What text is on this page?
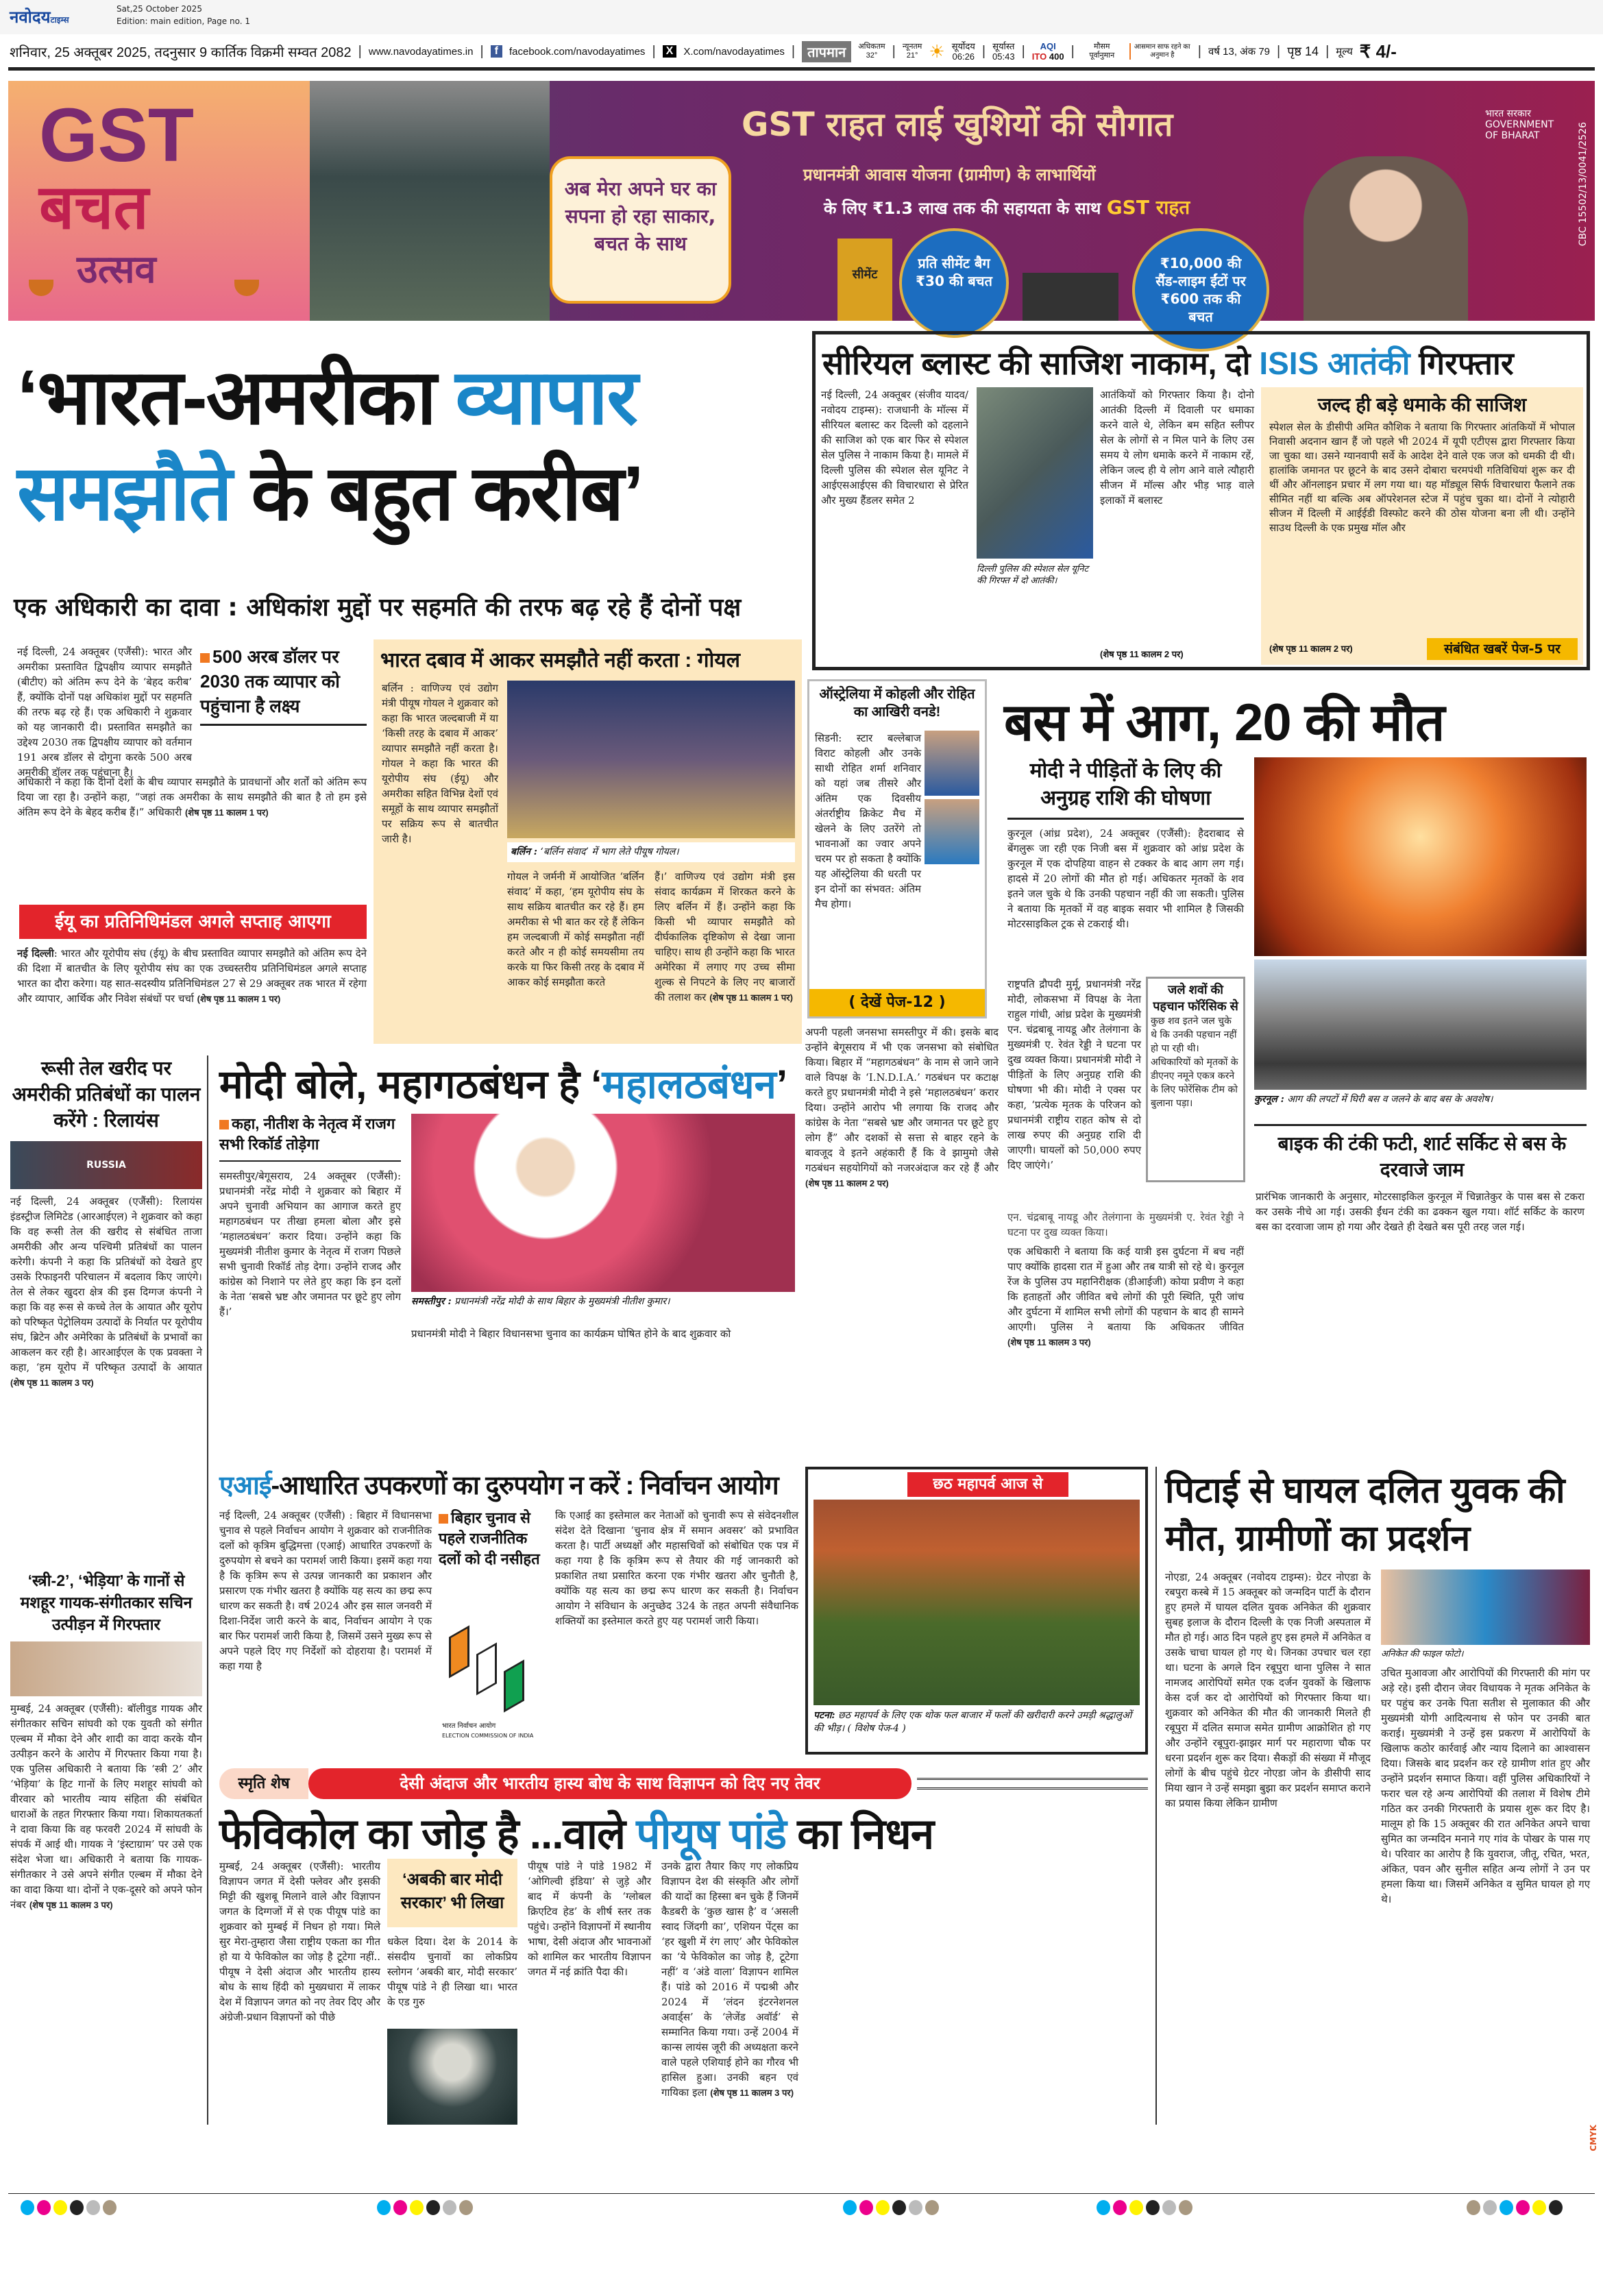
नवोदयटाइम्स
Sat,25 October 2025
Edition: main edition, Page no. 1
शनिवार, 25 अक्तूबर 2025, तदनुसार 9 कार्तिक विक्रमी सम्वत 2082 | www.navodayatimes.in |	f	facebook.com/navodayatimes | X	X.com/navodayatimes | तापमान	अधिकतम
32°	| न्यूनतम
21° ☀ सूर्योदय
06:26 | सूर्यास्त
05:43 |	AQI
ITO 400 |	मौसम पूर्वानुमान
आसमान साफ रहने का अनुमान है	| वर्ष 13, अंक 79 | पृष्ठ 14 | मूल्य ₹ 4/-
GST
बचत
उत्सव
अब मेरा अपने घर का सपना हो रहा साकार, बचत के साथ
GST राहत लाई खुशियों की सौगात
प्रधानमंत्री आवास योजना (ग्रामीण) के लाभार्थियों
के लिए ₹1.3 लाख तक की सहायता के साथ GST राहत
सीमेंट
प्रति सीमेंट बैग ₹30 की बचत
₹10,000 की सैंड-लाइम ईंटों पर ₹600 तक की बचत
भारत सरकार GOVERNMENT OF BHARAT	CBC 15502/13/0041/2526
‘भारत-अमरीका व्यापार
समझौते के बहुत करीब’
एक अधिकारी का दावा : अधिकांश मुद्दों पर सहमति की तरफ बढ़ रहे हैं दोनों पक्ष
नई दिल्ली, 24 अक्तूबर (एजैंसी): भारत और अमरीका प्रस्तावित द्विपक्षीय व्यापार समझौते (बीटीए) को अंतिम रूप देने के ‘बेहद करीब’ हैं, क्योंकि दोनों पक्ष अधिकांश मुद्दों पर सहमति की तरफ बढ़ रहे हैं। एक अधिकारी ने शुक्रवार को यह जानकारी दी। प्रस्तावित समझौते का उद्देश्य 2030 तक द्विपक्षीय व्यापार को वर्तमान 191 अरब डॉलर से दोगुना करके 500 अरब अमरीकी डॉलर तक पहुंचाना है।
500 अरब डॉलर पर 2030 तक व्यापार को पहुंचाना है लक्ष्य
अधिकारी ने कहा कि दोनों देशों के बीच व्यापार समझौते के प्रावधानों और शर्तों को अंतिम रूप दिया जा रहा है। उन्होंने कहा, “जहां तक अमरीका के साथ समझौते की बात है तो हम इसे अंतिम रूप देने के बेहद करीब हैं।” अधिकारी (शेष पृष्ठ 11 कालम 1 पर)
ईयू का प्रतिनिधिमंडल अगले सप्ताह आएगा
नई दिल्ली: भारत और यूरोपीय संघ (ईयू) के बीच प्रस्तावित व्यापार समझौते को अंतिम रूप देने की दिशा में बातचीत के लिए यूरोपीय संघ का एक उच्चस्तरीय प्रतिनिधिमंडल अगले सप्ताह भारत का दौरा करेगा। यह सात-सदस्यीय प्रतिनिधिमंडल 27 से 29 अक्तूबर तक भारत में रहेगा और व्यापार, आर्थिक और निवेश संबंधों पर चर्चा (शेष पृष्ठ 11 कालम 1 पर)
भारत दबाव में आकर समझौते नहीं करता : गोयल
बर्लिन : वाणिज्य एवं उद्योग मंत्री पीयूष गोयल ने शुक्रवार को कहा कि भारत जल्दबाजी में या ‘किसी तरह के दबाव में आकर’ व्यापार समझौते नहीं करता है। गोयल ने कहा कि भारत की यूरोपीय संघ (ईयू) और अमरीका सहित विभिन्न देशों एवं समूहों के साथ व्यापार समझौतों पर सक्रिय रूप से बातचीत जारी है।
बर्लिन : ‘बर्लिन संवाद’ में भाग लेते पीयूष गोयल।
गोयल ने जर्मनी में आयोजित ‘बर्लिन संवाद’ में कहा, ‘हम यूरोपीय संघ के साथ सक्रिय बातचीत कर रहे हैं। हम अमरीका से भी बात कर रहे हैं लेकिन हम जल्दबाजी में कोई समझौता नहीं करते और न ही कोई समयसीमा तय करके या फिर किसी तरह के दबाव में आकर कोई समझौता करते
हैं।’ वाणिज्य एवं उद्योग मंत्री इस संवाद कार्यक्रम में शिरकत करने के लिए बर्लिन में हैं। उन्होंने कहा कि किसी भी व्यापार समझौते को दीर्घकालिक दृष्टिकोण से देखा जाना चाहिए। साथ ही उन्होंने कहा कि भारत अमेरिका में लगाए गए उच्च सीमा शुल्क से निपटने के लिए नए बाजारों की तलाश कर (शेष पृष्ठ 11 कालम 1 पर)
सीरियल ब्लास्ट की साजिश नाकाम, दो ISIS आतंकी गिरफ्तार
नई दिल्ली, 24 अक्तूबर (संजीव यादव/नवोदय टाइम्स): राजधानी के मॉल्स में सीरियल बलास्ट कर दिल्ली को दहलाने की साजिश को एक बार फिर से स्पेशल सेल पुलिस ने नाकाम किया है। मामले में दिल्ली पुलिस की स्पेशल सेल यूनिट ने आईएसआईएस की विचारधारा से प्रेरित और मुख्य हैंडलर समेत 2
दिल्ली पुलिस की स्पेशल सेल यूनिट की गिरफ्त में दो आतंकी।
आतंकियों को गिरफ्तार किया है। दोनो आतंकी दिल्ली में दिवाली पर धमाका करने वाले थे, लेकिन बम सहित स्लीपर सेल के लोगों से न मिल पाने के लिए उस समय ये लोग धमाके करने में नाकाम रहें, लेकिन जल्द ही ये लोग आने वाले त्यौहारी सीजन में मॉल्स और भीड़ भाड़ वाले इलाकों में बलास्ट
(शेष पृष्ठ 11 कालम 2 पर)
जल्द ही बड़े धमाके की साजिश
स्पेशल सेल के डीसीपी अमित कौशिक ने बताया कि गिरफ्तार आंतकियों में भोपाल निवासी अदनान खान हैं जो पहले भी 2024 में यूपी एटीएस द्वारा गिरफ्तार किया जा चुका था। उसने ग्यानवापी सर्वे के आदेश देने वाले एक जज को धमकी दी थी। हालांकि जमानत पर छूटने के बाद उसने दोबारा चरमपंथी गतिविधियां शुरू कर दी थीं और ऑनलाइन प्रचार में लग गया था। यह मॉड्यूल सिर्फ विचारधारा फैलाने तक सीमित नहीं था बल्कि अब ऑपरेशनल स्टेज में पहुंच चुका था। दोनों ने त्योहारी सीजन में दिल्ली में आईईडी विस्फोट करने की ठोस योजना बना ली थी। उन्होंने साउथ दिल्ली के एक प्रमुख मॉल और
(शेष पृष्ठ 11 कालम 2 पर)	संबंधित खबरें पेज-5 पर
ऑस्ट्रेलिया में कोहली और रोहित का आखिरी वनडे!
सिडनी: स्टार बल्लेबाज विराट कोहली और उनके साथी रोहित शर्मा शनिवार को यहां जब तीसरे और अंतिम एक दिवसीय अंतर्राष्ट्रीय क्रिकेट मैच में खेलने के लिए उतरेंगे तो भावनाओं का ज्वार अपने चरम पर हो सकता है क्योंकि यह ऑस्ट्रेलिया की धरती पर इन दोनों का संभवत: अंतिम मैच होगा।
( देखें पेज-12 )
बस में आग, 20 की मौत
मोदी ने पीड़ितों के लिए की अनुग्रह राशि की घोषणा
कुरनूल : आग की लपटों में घिरी बस व जलने के बाद बस के अवशेष।
कुरनूल (आंध्र प्रदेश), 24 अक्तूबर (एजैंसी): हैदराबाद से बेंगलुरू जा रही एक निजी बस में शुक्रवार को आंध्र प्रदेश के कुरनूल में एक दोपहिया वाहन से टक्कर के बाद आग लग गई। हादसे में 20 लोगों की मौत हो गई। अधिकतर मृतकों के शव इतने जल चुके थे कि उनकी पहचान नहीं की जा सकती। पुलिस ने बताया कि मृतकों में वह बाइक सवार भी शामिल है जिसकी मोटरसाइकिल ट्रक से टकराई थी।
राष्ट्रपति द्रौपदी मुर्मू, प्रधानमंत्री नरेंद्र मोदी, लोकसभा में विपक्ष के नेता राहुल गांधी, आंध्र प्रदेश के मुख्यमंत्री एन. चंद्रबाबू नायडू और तेलंगाना के मुख्यमंत्री ए. रेवंत रेड्डी ने घटना पर दुख व्यक्त किया। प्रधानमंत्री मोदी ने पीड़ितों के लिए अनुग्रह राशि की घोषणा भी की। मोदी ने एक्स पर कहा, ‘प्रत्येक मृतक के परिजन को प्रधानमंत्री राष्ट्रीय राहत कोष से दो लाख रुपए की अनुग्रह राशि दी जाएगी। घायलों को 50,000 रुपए दिए जाएंगे।’
जले शवों की पहचान फॉरेंसिक से
कुछ शव इतने जल चुके थे कि उनकी पहचान नहीं हो पा रही थी। अधिकारियों को मृतकों के डीएनए नमूने एकत्र करने के लिए फोरेंसिक टीम को बुलाना पड़ा।
एन. चंद्रबाबू नायडू और तेलंगाना के मुख्यमंत्री ए. रेवंत रेड्डी ने घटना पर दुख व्यक्त किया।
एक अधिकारी ने बताया कि कई यात्री इस दुर्घटना में बच नहीं पाए क्योंकि हादसा रात में हुआ और तब यात्री सो रहे थे। कुरनूल रेंज के पुलिस उप महानिरीक्षक (डीआईजी) कोया प्रवीण ने कहा कि हताहतों और जीवित बचे लोगों की पूरी स्थिति, पूरी जांच और दुर्घटना में शामिल सभी लोगों की पहचान के बाद ही सामने आएगी। पुलिस ने बताया कि अधिकतर जीवित (शेष पृष्ठ 11 कालम 3 पर)
बाइक की टंकी फटी, शार्ट सर्किट से बस के दरवाजे जाम
प्रारंभिक जानकारी के अनुसार, मोटरसाइकिल कुरनूल में चिन्नातेकुर के पास बस से टकरा कर उसके नीचे आ गई। उसकी ईंधन टंकी का ढक्कन खुल गया। शॉर्ट सर्किट के कारण बस का दरवाजा जाम हो गया और देखते ही देखते बस पूरी तरह जल गई।
रूसी तेल खरीद पर अमरीकी प्रतिबंधों का पालन करेंगे : रिलायंस
RUSSIA
नई दिल्ली, 24 अक्तूबर (एजैंसी): रिलायंस इंडस्ट्रीज लिमिटेड (आरआईएल) ने शुक्रवार को कहा कि वह रूसी तेल की खरीद से संबंधित ताजा अमरीकी और अन्य पश्चिमी प्रतिबंधों का पालन करेगी। कंपनी ने कहा कि प्रतिबंधों को देखते हुए उसके रिफाइनरी परिचालन में बदलाव किए जाएंगे। तेल से लेकर खुदरा क्षेत्र की इस दिग्गज कंपनी ने कहा कि वह रूस से कच्चे तेल के आयात और यूरोप को परिष्कृत पेट्रोलियम उत्पादों के निर्यात पर यूरोपीय संघ, ब्रिटेन और अमेरिका के प्रतिबंधों के प्रभावों का आकलन कर रही है। आरआईएल के एक प्रवक्ता ने कहा, ‘हम यूरोप में परिष्कृत उत्पादों के आयात (शेष पृष्ठ 11 कालम 3 पर)
‘स्त्री-2’, ‘भेड़िया’ के गानों से मशहूर गायक-संगीतकार सचिन उत्पीड़न में गिरफ्तार
मुम्बई, 24 अक्तूबर (एजैंसी): बॉलीवुड गायक और संगीतकार सचिन सांघवी को एक युवती को संगीत एल्बम में मौका देने और शादी का वादा करके यौन उत्पीड़न करने के आरोप में गिरफ्तार किया गया है। एक पुलिस अधिकारी ने बताया कि ‘स्त्री 2’ और ‘भेड़िया’ के हिट गानों के लिए मशहूर सांघवी को वीरवार को भारतीय न्याय संहिता की संबंधित धाराओं के तहत गिरफ्तार किया गया। शिकायतकर्ता ने दावा किया कि वह फरवरी 2024 में सांघवी के संपर्क में आई थी। गायक ने ‘इंस्टाग्राम’ पर उसे एक संदेश भेजा था। अधिकारी ने बताया कि गायक-संगीतकार ने उसे अपने संगीत एल्बम में मौका देने का वादा किया था। दोनों ने एक-दूसरे को अपने फोन नंबर (शेष पृष्ठ 11 कालम 3 पर)
मोदी बोले, महागठबंधन है ‘महालठबंधन’
कहा, नीतीश के नेतृत्व में राजग सभी रिकॉर्ड तोड़ेगा
समस्तीपुर/बेगूसराय, 24 अक्तूबर (एजैंसी): प्रधानमंत्री नरेंद्र मोदी ने शुक्रवार को बिहार में अपने चुनावी अभियान का आगाज करते हुए महागठबंधन पर तीखा हमला बोला और इसे ‘महालठबंधन’ करार दिया। उन्होंने कहा कि मुख्यमंत्री नीतीश कुमार के नेतृत्व में राजग पिछले सभी चुनावी रिकॉर्ड तोड़ देगा। उन्होंने राजद और कांग्रेस को निशाने पर लेते हुए कहा कि इन दलों के नेता ‘सबसे भ्रष्ट और जमानत पर छूटे हुए लोग हैं।’
समस्तीपुर : प्रधानमंत्री नरेंद्र मोदी के साथ बिहार के मुख्यमंत्री नीतीश कुमार।
प्रधानमंत्री मोदी ने बिहार विधानसभा चुनाव का कार्यक्रम घोषित होने के बाद शुक्रवार को
अपनी पहली जनसभा समस्तीपुर में की। इसके बाद उन्होंने बेगूसराय में भी एक जनसभा को संबोधित किया। बिहार में “महागठबंधन” के नाम से जाने जाने वाले विपक्ष के ‘I.N.D.I.A.’ गठबंधन पर कटाक्ष करते हुए प्रधानमंत्री मोदी ने इसे ‘महालठबंधन’ करार दिया। उन्होंने आरोप भी लगाया कि राजद और कांग्रेस के नेता “सबसे भ्रष्ट और जमानत पर छूटे हुए लोग हैं” और दशकों से सत्ता से बाहर रहने के बावजूद वे इतने अहंकारी हैं कि वे झामुमो जैसे गठबंधन सहयोगियों को नजरअंदाज कर रहे हैं और (शेष पृष्ठ 11 कालम 2 पर)
एआई-आधारित उपकरणों का दुरुपयोग न करें : निर्वाचन आयोग
नई दिल्ली, 24 अक्तूबर (एजैंसी) : बिहार में विधानसभा चुनाव से पहले निर्वाचन आयोग ने शुक्रवार को राजनीतिक दलों को कृत्रिम बुद्धिमत्ता (एआई) आधारित उपकरणों के दुरुपयोग से बचने का परामर्श जारी किया। इसमें कहा गया है कि कृत्रिम रूप से उत्पन्न जानकारी का प्रकाशन और प्रसारण एक गंभीर खतरा है क्योंकि यह सत्य का छद्म रूप धारण कर सकती है। वर्ष 2024 और इस साल जनवरी में दिशा-निर्देश जारी करने के बाद, निर्वाचन आयोग ने एक बार फिर परामर्श जारी किया है, जिसमें उसने मुख्य रूप से अपने पहले दिए गए निर्देशों को दोहराया है। परामर्श में कहा गया है
बिहार चुनाव से पहले राजनीतिक दलों को दी नसीहत
भारत निर्वाचन आयोग
ELECTION COMMISSION OF INDIA
कि एआई का इस्तेमाल कर नेताओं को चुनावी रूप से संवेदनशील संदेश देते दिखाना ‘चुनाव क्षेत्र में समान अवसर’ को प्रभावित करता है। पार्टी अध्यक्षों और महासचिवों को संबोधित एक पत्र में कहा गया है कि कृत्रिम रूप से तैयार की गई जानकारी को प्रकाशित तथा प्रसारित करना एक गंभीर खतरा और चुनौती है, क्योंकि यह सत्य का छद्म रूप धारण कर सकती है। निर्वाचन आयोग ने संविधान के अनुच्छेद 324 के तहत अपनी संवैधानिक शक्तियों का इस्तेमाल करते हुए यह परामर्श जारी किया।
छठ महापर्व आज से
पटना: छठ महापर्व के लिए एक थोक फल बाजार में फलों की खरीदारी करने उमड़ी श्रद्धालुओं की भीड़। ( विशेष पेज-4 )
पिटाई से घायल दलित युवक की मौत, ग्रामीणों का प्रदर्शन
नोएडा, 24 अक्तूबर (नवोदय टाइम्स): ग्रेटर नोएडा के रबपुरा कस्बे में 15 अक्तूबर को जन्मदिन पार्टी के दौरान हुए हमले में घायल दलित युवक अनिकेत की शुक्रवार सुबह इलाज के दौरान दिल्ली के एक निजी अस्पताल में मौत हो गई। आठ दिन पहले हुए इस हमले में अनिकेत व उसके चाचा घायल हो गए थे। जिनका उपचार चल रहा था। घटना के अगले दिन रबूपुरा थाना पुलिस ने सात नामजद आरोपियों समेत एक दर्जन युवकों के खिलाफ केस दर्ज कर दो आरोपियों को गिरफ्तार किया था। शुक्रवार को अनिकेत की मौत की जानकारी मिलते ही रबूपुरा में दलित समाज समेत ग्रामीण आक्रोशित हो गए और उन्होंने रबूपुरा-झाझर मार्ग पर महाराणा चौक पर धरना प्रदर्शन शुरू कर दिया। सैकड़ों की संख्या में मौजूद लोगों के बीच पहुंचे ग्रेटर नोएडा जोन के डीसीपी साद मिया खान ने उन्हें समझा बुझा कर प्रदर्शन समाप्त कराने का प्रयास किया लेकिन ग्रामीण
अनिकेत की फाइल फोटो।
उचित मुआवजा और आरोपियों की गिरफ्तारी की मांग पर अड़े रहे। इसी दौरान जेवर विधायक ने मृतक अनिकेत के घर पहुंच कर उनके पिता सतीश से मुलाकात की और मुख्यमंत्री योगी आदित्यनाथ से फोन पर उनकी बात कराई। मुख्यमंत्री ने उन्हें इस प्रकरण में आरोपियों के खिलाफ कठोर कार्रवाई और न्याय दिलाने का आश्वासन दिया। जिसके बाद प्रदर्शन कर रहे ग्रामीण शांत हुए और उन्होंने प्रदर्शन समाप्त किया। वहीं पुलिस अधिकारियों ने फरार चल रहे अन्य आरोपियों की तलाश में विशेष टीमे गठित कर उनकी गिरफ्तारी के प्रयास शुरू कर दिए है। मालूम हो कि 15 अक्तूबर की रात अनिकेत अपने चाचा सुमित का जन्मदिन मनाने गए गांव के पोखर के पास गए थे। परिवार का आरोप है कि युवराज, जीतू, रचित, भरत, अंकित, पवन और सुनील सहित अन्य लोगों ने उन पर हमला किया था। जिसमें अनिकेत व सुमित घायल हो गए थे।
स्मृति शेष	देसी अंदाज और भारतीय हास्य बोध के साथ विज्ञापन को दिए नए तेवर
फेविकोल का जोड़ है ...वाले पीयूष पांडे का निधन
मुम्बई, 24 अक्तूबर (एजैंसी): भारतीय विज्ञापन जगत में देसी फ्लेवर और इसकी मिट्टी की खुशबू मिलाने वाले और विज्ञापन जगत के दिग्गजों में से एक पीयूष पांडे का शुक्रवार को मुम्बई में निधन हो गया। मिले सुर मेरा-तुम्हारा जैसा राष्ट्रीय एकता का गीत हो या ये फेविकोल का जोड़ है टूटेगा नहीं.. पीयूष ने देसी अंदाज और भारतीय हास्य बोध के साथ हिंदी को मुख्यधारा में लाकर देश में विज्ञापन जगत को नए तेवर दिए और अंग्रेजी-प्रधान विज्ञापनों को पीछे
‘अबकी बार मोदी सरकार’ भी लिखा
धकेल दिया। देश के 2014 के संसदीय चुनावों का लोकप्रिय स्लोगन ‘अबकी बार, मोदी सरकार’ पीयूष पांडे ने ही लिखा था। भारत के एड गुरु
पीयूष पांडे ने पांडे 1982 में ‘ओगिल्वी इंडिया’ से जुड़े और बाद में कंपनी के ‘ग्लोबल क्रिएटिव हेड’ के शीर्ष स्तर तक पहुंचे। उन्होंने विज्ञापनों में स्थानीय भाषा, देसी अंदाज और भावनाओं को शामिल कर भारतीय विज्ञापन जगत में नई क्रांति पैदा की।
उनके द्वारा तैयार किए गए लोकप्रिय विज्ञापन देश की संस्कृति और लोगों की यादों का हिस्सा बन चुके हैं जिनमें कैडबरी के ‘कुछ खास है’ व ‘असली स्वाद जिंदगी का’, एशियन पेंट्स का ‘हर खुशी में रंग लाए’ और फेविकोल का ‘ये फेविकोल का जोड़ है, टूटेगा नहीं’ व ‘अंडे वाला’ विज्ञापन शामिल हैं। पांडे को 2016 में पद्मश्री और 2024 में ‘लंदन इंटरनेशनल अवार्ड्स’ के ‘लेजेंड अवॉर्ड’ से सम्मानित किया गया। उन्हें 2004 में कान्स लायंस जूरी की अध्यक्षता करने वाले पहले एशियाई होने का गौरव भी हासिल हुआ। उनकी बहन एवं गायिका इला (शेष पृष्ठ 11 कालम 3 पर)
CMYK
